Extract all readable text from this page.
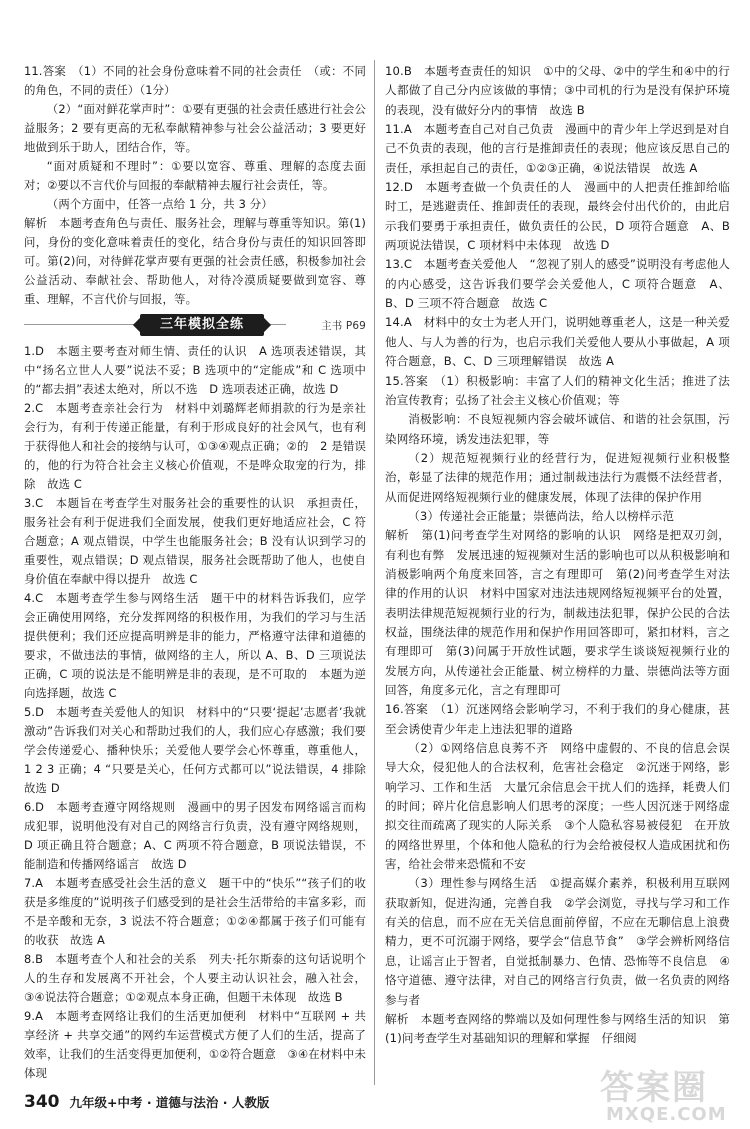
11.答案　（1）不同的社会身份意味着不同的社会责任　（或：不同的角色，不同的责任）（1分）

（2）“面对鲜花掌声时”：①要有更强的社会责任感进行社会公益服务；2 要有更高的无私奉献精神参与社会公益活动；3 要更好地做到乐于助人，团结合作，等。

“面对质疑和不理时”：①要以宽容、尊重、理解的态度去面对；②要以不言代价与回报的奉献精神去履行社会责任，等。

（两个方面中，任答一点给 1 分，共 3 分）

解析　本题考查角色与责任、服务社会，理解与尊重等知识。第(1)问，身份的变化意味着责任的变化，结合身份与责任的知识回答即可。第(2)问，对待鲜花掌声要有更强的社会责任感，积极参加社会公益活动、奉献社会、帮助他人，对待冷漠质疑要做到宽容、尊重、理解，不言代价与回报，等。

三年模拟全练	主书 P69

1.D　本题主要考查对师生情、责任的认识　A 选项表述错误，其中“扬名立世人人要”说法不妥；B 选项中的“定能成”和 C 选项中的“都去捐”表述太绝对，所以不选　D 选项表述正确，故选 D

2.C　本题考查亲社会行为　材料中刘璐辉老师捐款的行为是亲社会行为，有利于传递正能量，有利于形成良好的社会风气，也有利于获得他人和社会的接纳与认可，①③④观点正确；②的　2 是错误的，他的行为符合社会主义核心价值观，不是哗众取宠的行为，排除　故选 C

3.C　本题旨在考查学生对服务社会的重要性的认识　承担责任，服务社会有利于促进我们全面发展，使我们更好地适应社会，C 符合题意；A 观点错误，中学生也能服务社会；B 没有认识到学习的重要性，观点错误；D 观点错误，服务社会既帮助了他人，也使自身价值在奉献中得以提升　故选 C

4.C　本题考查学生参与网络生活　题干中的材料告诉我们，应学会正确使用网络，充分发挥网络的积极作用，为我们的学习与生活提供便利；我们还应提高明辨是非的能力，严格遵守法律和道德的要求，不做违法的事情，做网络的主人，所以 A、B、D 三项说法正确，C 项的说法是不能明辨是非的表现，是不可取的　本题为逆向选择题，故选 C

5.D　本题考查关爱他人的知识　材料中的“只要‘提起’志愿者’我就激动”告诉我们对关心和帮助过我们的人，我们应心存感激；我们要学会传递爱心、播种快乐；关爱他人要学会心怀尊重，尊重他人，1 2 3 正确；4 “只要是关心，任何方式都可以”说法错误，4 排除　故选 D

6.D　本题考查遵守网络规则　漫画中的男子因发布网络谣言而构成犯罪，说明他没有对自己的网络言行负责，没有遵守网络规则，D 项正确且符合题意；A、C 两项不符合题意，B 项说法错误，不能制造和传播网络谣言　故选 D

7.A　本题考查感受社会生活的意义　题干中的“快乐”“孩子们的收获是多维度的”说明孩子们感受到的是社会生活带给的丰富多彩，而不是辛酸和无奈，3 说法不符合题意；①②④都属于孩子们可能有的收获　故选 A

8.B　本题考查个人和社会的关系　列夫·托尔斯泰的这句话说明个人的生存和发展离不开社会，个人要主动认识社会，融入社会，③④说法符合题意；①②观点本身正确，但题干未体现　故选 B

9.A　本题考查网络让我们的生活更加便利　材料中“互联网 + 共享经济 + 共享交通”的网约车运营模式方便了人们的生活，提高了效率，让我们的生活变得更加便利，①②符合题意　③④在材料中未体现

10.B　本题考查责任的知识　①中的父母、②中的学生和④中的行人都做了自己分内应该做的事情；③中司机的行为是没有保护环境的表现，没有做好分内的事情　故选 B

11.A　本题考查自己对自己负责　漫画中的青少年上学迟到是对自己不负责的表现，他的言行是推卸责任的表现；他应该反思自己的责任，承担起自己的责任，①②③正确，④说法错误　故选 A

12.D　本题考查做一个负责任的人　漫画中的人把责任推卸给临时工，是逃避责任、推卸责任的表现，最终会付出代价的，由此启示我们要勇于承担责任，做负责任的公民，D 项符合题意　A、B 两项说法错误，C 项材料中未体现　故选 D

13.C　本题考查关爱他人　“忽视了别人的感受”说明没有考虑他人的内心感受，这告诉我们要学会关爱他人，C 项符合题意　A、B、D 三项不符合题意　故选 C

14.A　材料中的女士为老人开门，说明她尊重老人，这是一种关爱他人、与人为善的行为，也启示我们关爱他人要从小事做起，A 项符合题意，B、C、D 三项理解错误　故选 A

15.答案　（1）积极影响：丰富了人们的精神文化生活；推进了法治宣传教育；弘扬了社会主义核心价值观；等

消极影响：不良短视频内容会破坏诚信、和谐的社会氛围，污染网络环境，诱发违法犯罪，等

（2）规范短视频行业的经营行为，促进短视频行业积极整治，彰显了法律的规范作用；通过制裁违法行为震慑不法经营者，从而促进网络短视频行业的健康发展，体现了法律的保护作用

（3）传递社会正能量；崇德尚法，给人以榜样示范

解析　第(1)问考查学生对网络的影响的认识　网络是把双刃剑，有利也有弊　发展迅速的短视频对生活的影响也可以从积极影响和消极影响两个角度来回答，言之有理即可　第(2)问考查学生对法律的作用的认识　材料中国家对违法违规网络短视频平台的处置，表明法律规范短视频行业的行为，制裁违法犯罪，保护公民的合法权益，围绕法律的规范作用和保护作用回答即可，紧扣材料，言之有理即可　第(3)问属于开放性试题，要求学生谈谈短视频行业的发展方向，从传递社会正能量、树立榜样的力量、崇德尚法等方面回答，角度多元化，言之有理即可

16.答案　（1）沉迷网络会影响学习，不利于我们的身心健康，甚至会诱使青少年走上违法犯罪的道路

（2）①网络信息良莠不齐　网络中虚假的、不良的信息会误导大众，侵犯他人的合法权利，危害社会稳定　②沉迷于网络，影响学习、工作和生活　大量冗余信息会干扰人们的选择，耗费人们的时间；碎片化信息影响人们思考的深度；一些人因沉迷于网络虚拟交往而疏离了现实的人际关系　③个人隐私容易被侵犯　在开放的网络世界里，个体和他人隐私的行为会给被侵权人造成困扰和伤害，给社会带来恐慌和不安

（3）理性参与网络生活　①提高媒介素养，积极利用互联网获取新知，促进沟通，完善自我　②学会浏览，寻找与学习和工作有关的信息，而不应在无关信息面前停留，不应在无聊信息上浪费精力，更不可沉溺于网络，要学会“信息节食”　③学会辨析网络信息，让谣言止于智者，自觉抵制暴力、色情、恐怖等不良信息　④恪守道德、遵守法律，对自己的网络言行负责，做一名负责的网络参与者

解析　本题考查网络的弊端以及如何理性参与网络生活的知识　第(1)问考查学生对基础知识的理解和掌握　仔细阅

340 九年级+中考 · 道德与法治 · 人教版	答案圈
MXQE.COM
